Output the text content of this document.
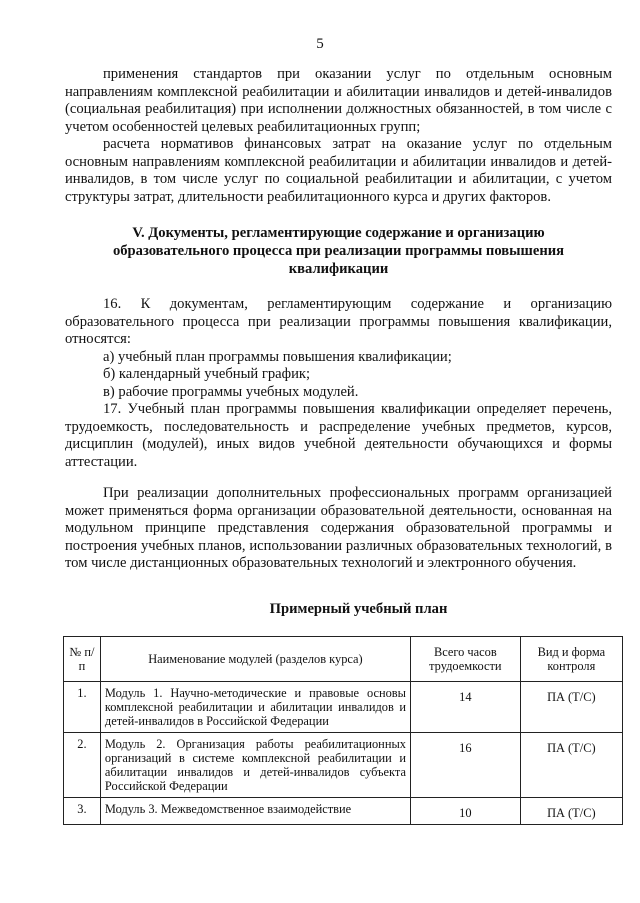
5

применения стандартов при оказании услуг по отдельным основным направлениям комплексной реабилитации и абилитации инвалидов и детей-инвалидов (социальная реабилитация) при исполнении должностных обязанностей, в том числе с учетом особенностей целевых реабилитационных групп;

расчета нормативов финансовых затрат на оказание услуг по отдельным основным направлениям комплексной реабилитации и абилитации инвалидов и детей-инвалидов, в том числе услуг по социальной реабилитации и абилитации, с учетом структуры затрат, длительности реабилитационного курса и других факторов.

V. Документы, регламентирующие содержание и организацию образовательного процесса при реализации программы повышения квалификации

16. К документам, регламентирующим содержание и организацию образовательного процесса при реализации программы повышения квалификации, относятся:

а) учебный план программы повышения квалификации;

б) календарный учебный график;

в) рабочие программы учебных модулей.

17. Учебный план программы повышения квалификации определяет перечень, трудоемкость, последовательность и распределение учебных предметов, курсов, дисциплин (модулей), иных видов учебной деятельности обучающихся и формы аттестации.

При реализации дополнительных профессиональных программ организацией может применяться форма организации образовательной деятельности, основанная на модульном принципе представления содержания образовательной программы и построения учебных планов, использовании различных образовательных технологий, в том числе дистанционных образовательных технологий и электронного обучения.

Примерный учебный план

№ п/п	Наименование модулей (разделов курса)	Всего часов трудоемкости	Вид и форма контроля
1.	Модуль 1. Научно-методические и правовые основы комплексной реабилитации и абилитации инвалидов и детей-инвалидов в Российской Федерации	14	ПА (Т/С)
2.	Модуль 2. Организация работы реабилитационных организаций в системе комплексной реабилитации и абилитации инвалидов и детей-инвалидов субъекта Российской Федерации	16	ПА (Т/С)
3.	Модуль 3. Межведомственное взаимодействие	10	ПА (Т/С)
